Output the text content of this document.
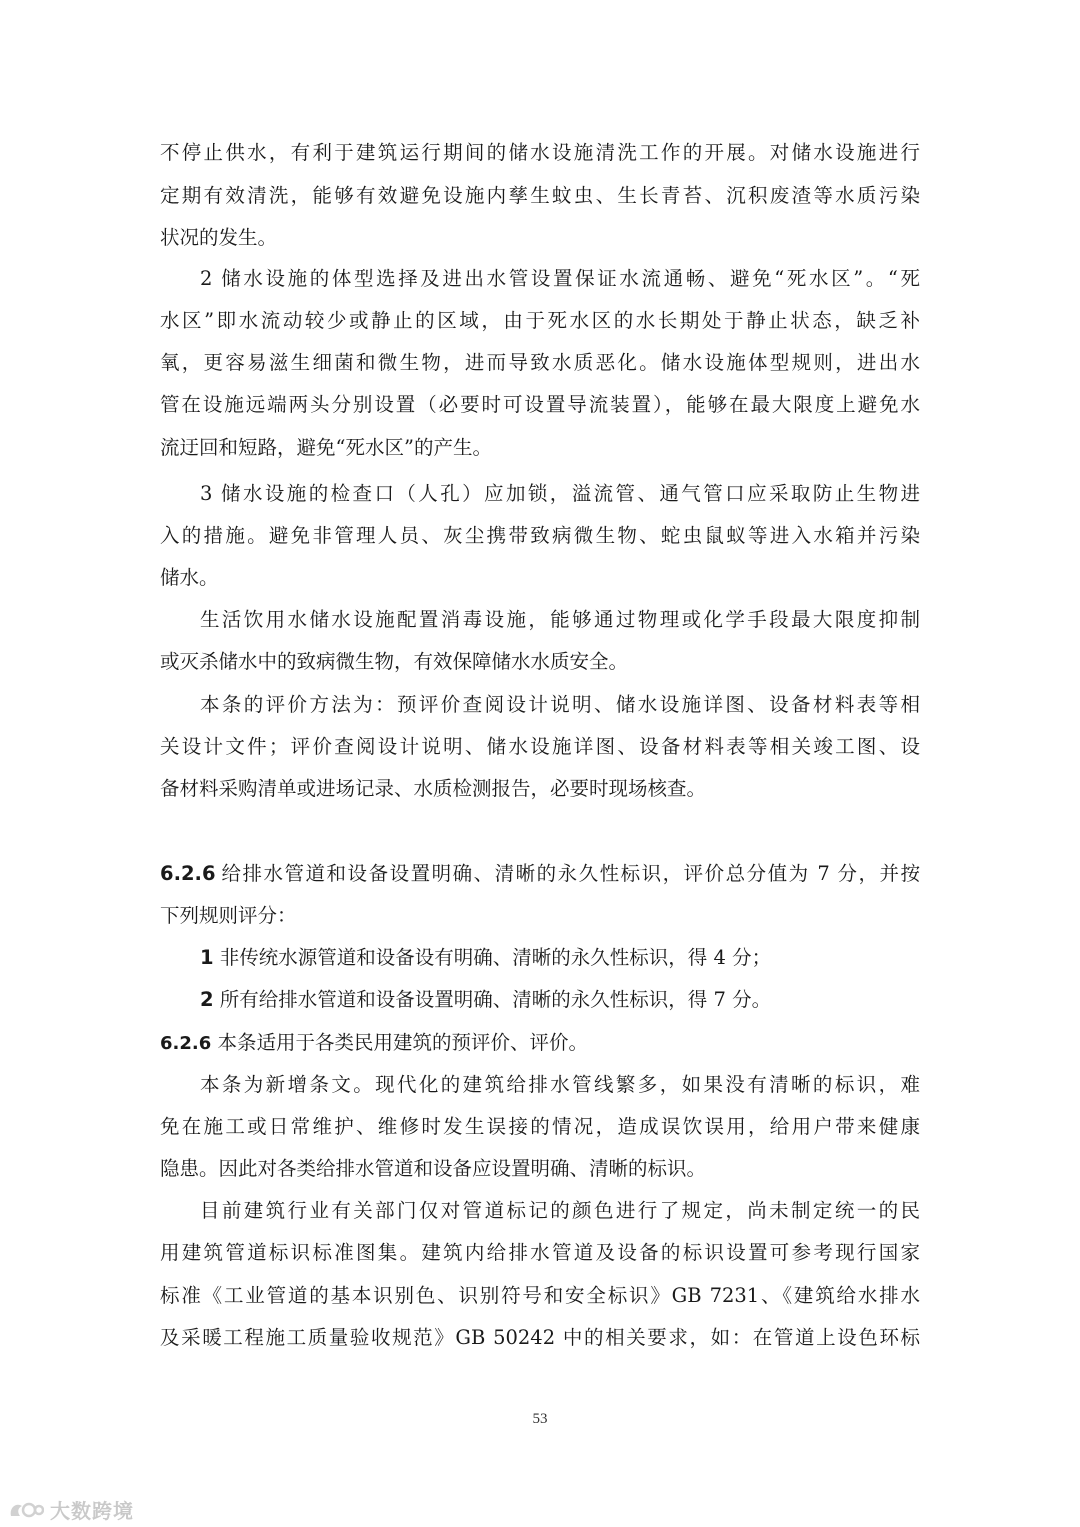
不停止供水，有利于建筑运行期间的储水设施清洗工作的开展。对储水设施进行
定期有效清洗，能够有效避免设施内孳生蚊虫、生长青苔、沉积废渣等水质污染
状况的发生。
2 储水设施的体型选择及进出水管设置保证水流通畅、避免“死水区”。“死
水区”即水流动较少或静止的区域，由于死水区的水长期处于静止状态，缺乏补
氧，更容易滋生细菌和微生物，进而导致水质恶化。储水设施体型规则，进出水
管在设施远端两头分别设置（必要时可设置导流装置），能够在最大限度上避免水
流迂回和短路，避免“死水区”的产生。
3 储水设施的检查口（人孔）应加锁，溢流管、通气管口应采取防止生物进
入的措施。避免非管理人员、灰尘携带致病微生物、蛇虫鼠蚁等进入水箱并污染
储水。
生活饮用水储水设施配置消毒设施，能够通过物理或化学手段最大限度抑制
或灭杀储水中的致病微生物，有效保障储水水质安全。
本条的评价方法为：预评价查阅设计说明、储水设施详图、设备材料表等相
关设计文件；评价查阅设计说明、储水设施详图、设备材料表等相关竣工图、设
备材料采购清单或进场记录、水质检测报告，必要时现场核查。
6.2.6 给排水管道和设备设置明确、清晰的永久性标识，评价总分值为 7 分，并按
下列规则评分：
1 非传统水源管道和设备设有明确、清晰的永久性标识，得 4 分；
2 所有给排水管道和设备设置明确、清晰的永久性标识，得 7 分。
6.2.6 本条适用于各类民用建筑的预评价、评价。
本条为新增条文。现代化的建筑给排水管线繁多，如果没有清晰的标识，难
免在施工或日常维护、维修时发生误接的情况，造成误饮误用，给用户带来健康
隐患。因此对各类给排水管道和设备应设置明确、清晰的标识。
目前建筑行业有关部门仅对管道标记的颜色进行了规定，尚未制定统一的民
用建筑管道标识标准图集。建筑内给排水管道及设备的标识设置可参考现行国家
标准《工业管道的基本识别色、识别符号和安全标识》GB 7231、《建筑给水排水
及采暖工程施工质量验收规范》GB 50242 中的相关要求，如：在管道上设色环标
53
大数跨境
